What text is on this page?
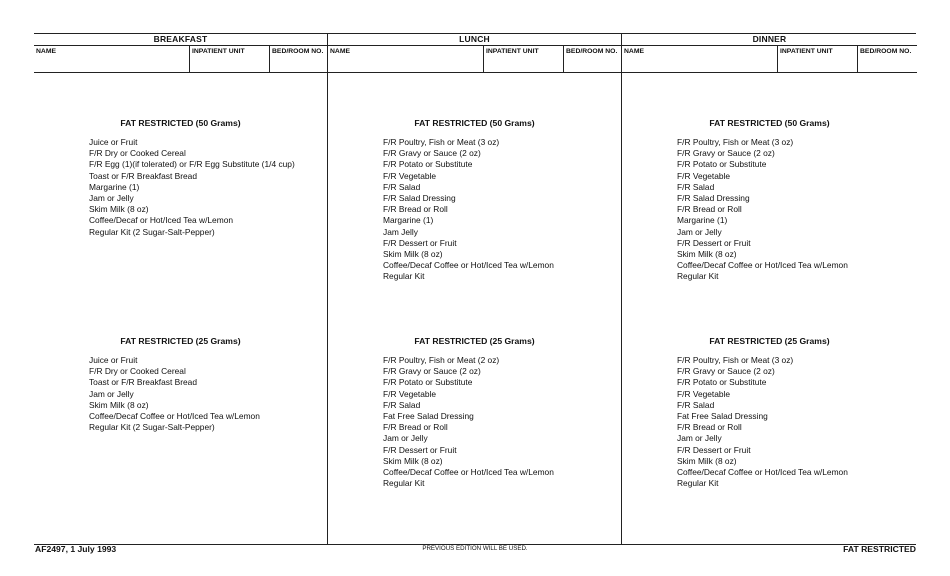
BREAKFAST
NAME	INPATIENT UNIT	BED/ROOM NO.
FAT RESTRICTED (50 Grams)
Juice or Fruit
F/R Dry or Cooked Cereal
F/R Egg (1)(if tolerated) or F/R Egg Substitute (1/4 cup)
Toast or F/R Breakfast Bread
Margarine (1)
Jam or Jelly
Skim Milk (8 oz)
Coffee/Decaf or Hot/Iced Tea w/Lemon
Regular Kit (2 Sugar-Salt-Pepper)
FAT RESTRICTED (25 Grams)
Juice or Fruit
F/R Dry or Cooked Cereal
Toast or F/R Breakfast Bread
Jam or Jelly
Skim Milk (8 oz)
Coffee/Decaf Coffee or Hot/Iced Tea w/Lemon
Regular Kit (2 Sugar-Salt-Pepper)
LUNCH
NAME	INPATIENT UNIT	BED/ROOM NO.
FAT RESTRICTED (50 Grams)
F/R Poultry, Fish or Meat (3 oz)
F/R Gravy or Sauce (2 oz)
F/R Potato or Substitute
F/R Vegetable
F/R Salad
F/R Salad Dressing
F/R Bread or Roll
Margarine (1)
Jam Jelly
F/R Dessert or Fruit
Skim Milk (8 oz)
Coffee/Decaf Coffee or Hot/Iced Tea w/Lemon
Regular Kit
FAT RESTRICTED (25 Grams)
F/R Poultry, Fish or Meat (2 oz)
F/R Gravy or Sauce (2 oz)
F/R Potato or Substitute
F/R Vegetable
F/R Salad
Fat Free Salad Dressing
F/R Bread or Roll
Jam or Jelly
F/R Dessert or Fruit
Skim Milk (8 oz)
Coffee/Decaf Coffee or Hot/Iced Tea w/Lemon
Regular Kit
DINNER
NAME	INPATIENT UNIT	BED/ROOM NO.
FAT RESTRICTED (50 Grams)
F/R Poultry, Fish or Meat (3 oz)
F/R Gravy or Sauce (2 oz)
F/R Potato or Substitute
F/R Vegetable
F/R Salad
F/R Salad Dressing
F/R Bread or Roll
Margarine (1)
Jam or Jelly
F/R Dessert or Fruit
Skim Milk (8 oz)
Coffee/Decaf Coffee or Hot/Iced Tea w/Lemon
Regular Kit
FAT RESTRICTED (25 Grams)
F/R Poultry, Fish or Meat (3 oz)
F/R Gravy or Sauce (2 oz)
F/R Potato or Substitute
F/R Vegetable
F/R Salad
Fat Free Salad Dressing
F/R Bread or Roll
Jam or Jelly
F/R Dessert or Fruit
Skim Milk (8 oz)
Coffee/Decaf Coffee or Hot/Iced Tea w/Lemon
Regular Kit
AF2497, 1 July 1993	PREVIOUS EDITION WILL BE USED.	FAT RESTRICTED
